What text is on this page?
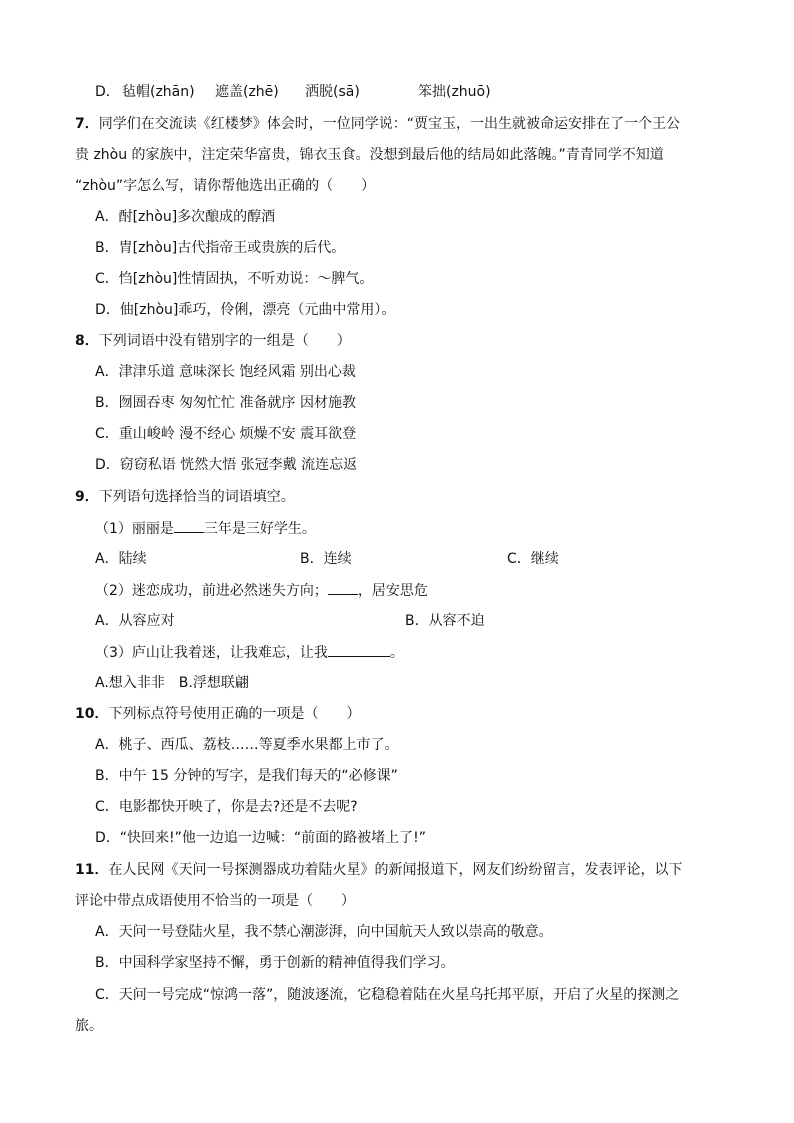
D． 毡帽(zhān) 遮盖(zhē) 洒脱(sā)	笨拙(zhuō)
7．同学们在交流读《红楼梦》体会时，一位同学说：“贾宝玉，一出生就被命运安排在了一个王公
贵 zhòu 的家族中，注定荣华富贵，锦衣玉食。没想到最后他的结局如此落魄。”青青同学不知道
“zhòu”字怎么写，请你帮他选出正确的（　　）
A．酎[zhòu]多次酿成的醇酒
B．胄[zhòu]古代指帝王或贵族的后代。
C．㤘[zhòu]性情固执，不听劝说：～脾气。
D．伷[zhòu]乖巧，伶俐，漂亮（元曲中常用）。
8．下列词语中没有错别字的一组是（　　）
A．津津乐道 意味深长 饱经风霜 别出心裁
B．囫圄吞枣 匆匆忙忙 准备就序 因材施教
C．重山峻岭 漫不经心 烦燥不安 震耳欲登
D．窃窃私语 恍然大悟 张冠李戴 流连忘返
9．下列语句选择恰当的词语填空。
（1）丽丽是 三年是三好学生。
A．陆续	B．连续	C．继续
（2）迷恋成功，前进必然迷失方向； ，居安思危
A．从容应对	B．从容不迫
（3）庐山让我着迷，让我难忘，让我	。
A.想入非非　B.浮想联翩
10．下列标点符号使用正确的一项是（　　）
A．桃子、西瓜、荔枝……等夏季水果都上市了。
B．中午 15 分钟的写字，是我们每天的“必修课”
C．电影都快开映了，你是去?还是不去呢?
D．“快回来!”他一边追一边喊：“前面的路被堵上了!”
11．在人民网《天问一号探测器成功着陆火星》的新闻报道下，网友们纷纷留言，发表评论，以下
评论中带点成语使用不恰当的一项是（　　）
A．天问一号登陆火星，我不禁心潮澎湃，向中国航天人致以崇高的敬意。
B．中国科学家坚持不懈，勇于创新的精神值得我们学习。
C．天问一号完成“惊鸿一落”，随波逐流，它稳稳着陆在火星乌托邦平原，开启了火星的探测之
旅。
